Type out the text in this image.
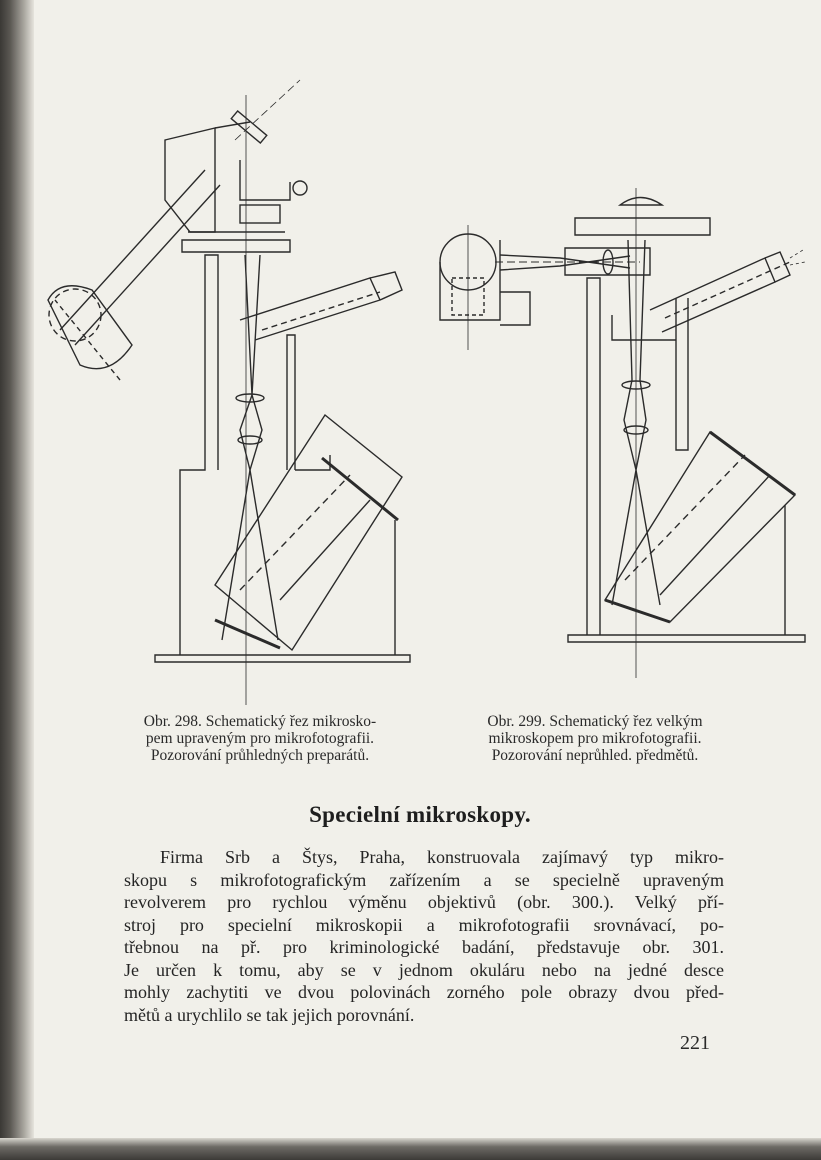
Obr. 298. Schematický řez mikrosko-
pem upraveným pro mikrofotografii.
Pozorování průhledných preparátů.
Obr. 299. Schematický řez velkým
mikroskopem pro mikrofotografii.
Pozorování neprůhled. předmětů.
Specielní mikroskopy.
Firma Srb a Štys, Praha, konstruovala zajímavý typ mikro-
skopu s mikrofotografickým zařízením a se specielně upraveným
revolverem pro rychlou výměnu objektivů (obr. 300.). Velký pří-
stroj pro specielní mikroskopii a mikrofotografii srovnávací, po-
třebnou na př. pro kriminologické badání, představuje obr. 301.
Je určen k tomu, aby se v jednom okuláru nebo na jedné desce
mohly zachytiti ve dvou polovinách zorného pole obrazy dvou před-
mětů a urychlilo se tak jejich porovnání.
221
